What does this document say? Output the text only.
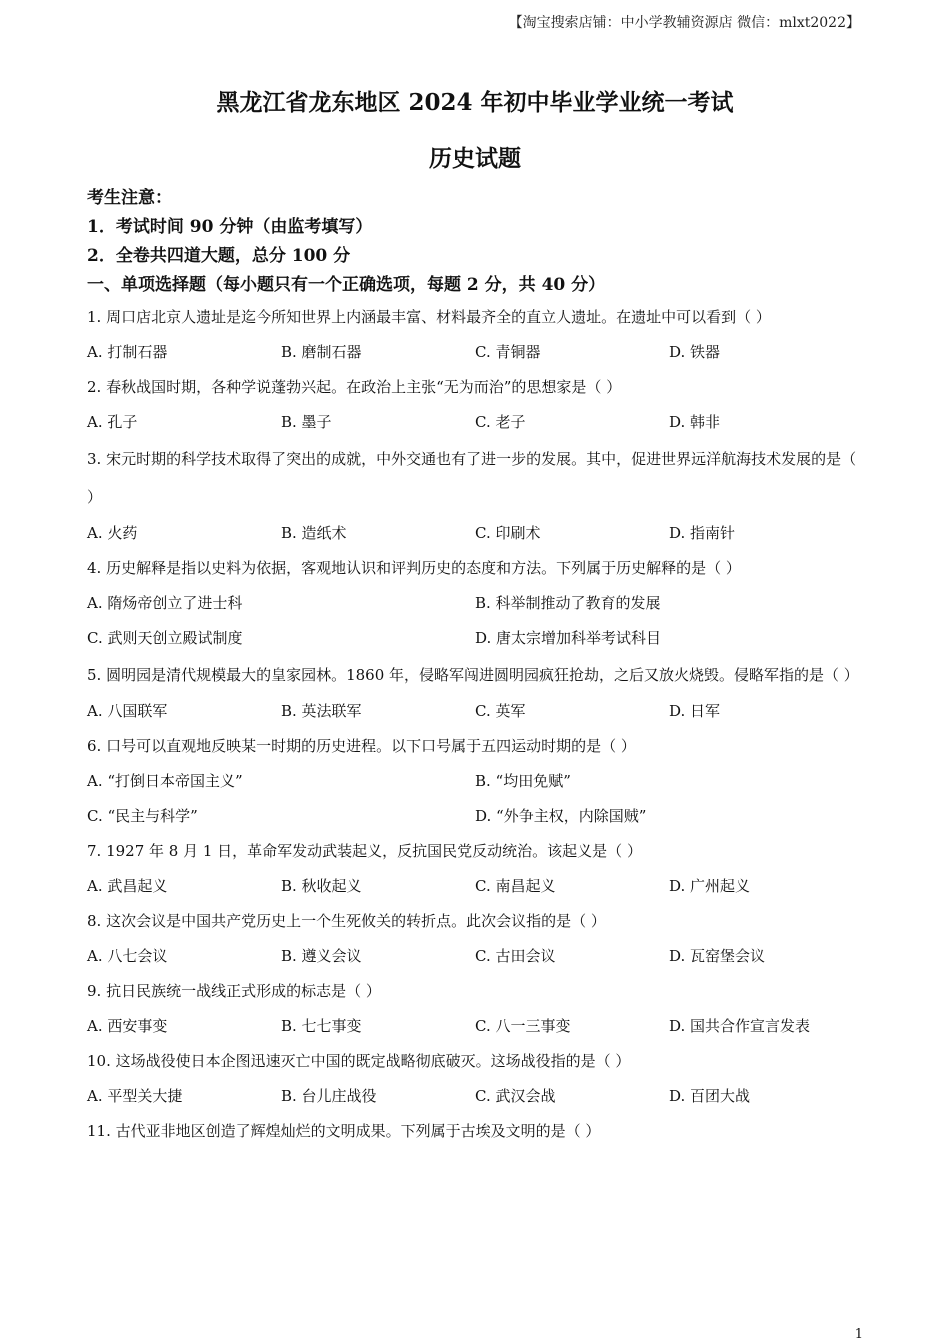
【淘宝搜索店铺：中小学教辅资源店 微信：mlxt2022】
黑龙江省龙东地区 2024 年初中毕业学业统一考试
历史试题
考生注意：
1．考试时间 90 分钟（由监考填写）
2．全卷共四道大题，总分 100 分
一、单项选择题（每小题只有一个正确选项，每题 2 分，共 40 分）
1. 周口店北京人遗址是迄今所知世界上内涵最丰富、材料最齐全的直立人遗址。在遗址中可以看到（ ）
A. 打制石器	B. 磨制石器	C. 青铜器	D. 铁器
2. 春秋战国时期，各种学说蓬勃兴起。在政治上主张“无为而治”的思想家是（ ）
A. 孔子	B. 墨子	C. 老子	D. 韩非
3. 宋元时期的科学技术取得了突出的成就，中外交通也有了进一步的发展。其中，促进世界远洋航海技术发展的是（ ）
A. 火药	B. 造纸术	C. 印刷术	D. 指南针
4. 历史解释是指以史料为依据，客观地认识和评判历史的态度和方法。下列属于历史解释的是（ ）
A. 隋炀帝创立了进士科	B. 科举制推动了教育的发展
C. 武则天创立殿试制度	D. 唐太宗增加科举考试科目
5. 圆明园是清代规模最大的皇家园林。1860 年，侵略军闯进圆明园疯狂抢劫，之后又放火烧毁。侵略军指的是（ ）
A. 八国联军	B. 英法联军	C. 英军	D. 日军
6. 口号可以直观地反映某一时期的历史进程。以下口号属于五四运动时期的是（ ）
A. “打倒日本帝国主义”	B. “均田免赋”
C. “民主与科学”	D. “外争主权，内除国贼”
7. 1927 年 8 月 1 日，革命军发动武装起义，反抗国民党反动统治。该起义是（ ）
A. 武昌起义	B. 秋收起义	C. 南昌起义	D. 广州起义
8. 这次会议是中国共产党历史上一个生死攸关的转折点。此次会议指的是（ ）
A. 八七会议	B. 遵义会议	C. 古田会议	D. 瓦窑堡会议
9. 抗日民族统一战线正式形成的标志是（ ）
A. 西安事变	B. 七七事变	C. 八一三事变	D. 国共合作宣言发表
10. 这场战役使日本企图迅速灭亡中国的既定战略彻底破灭。这场战役指的是（ ）
A. 平型关大捷	B. 台儿庄战役	C. 武汉会战	D. 百团大战
11. 古代亚非地区创造了辉煌灿烂的文明成果。下列属于古埃及文明的是（ ）
1
